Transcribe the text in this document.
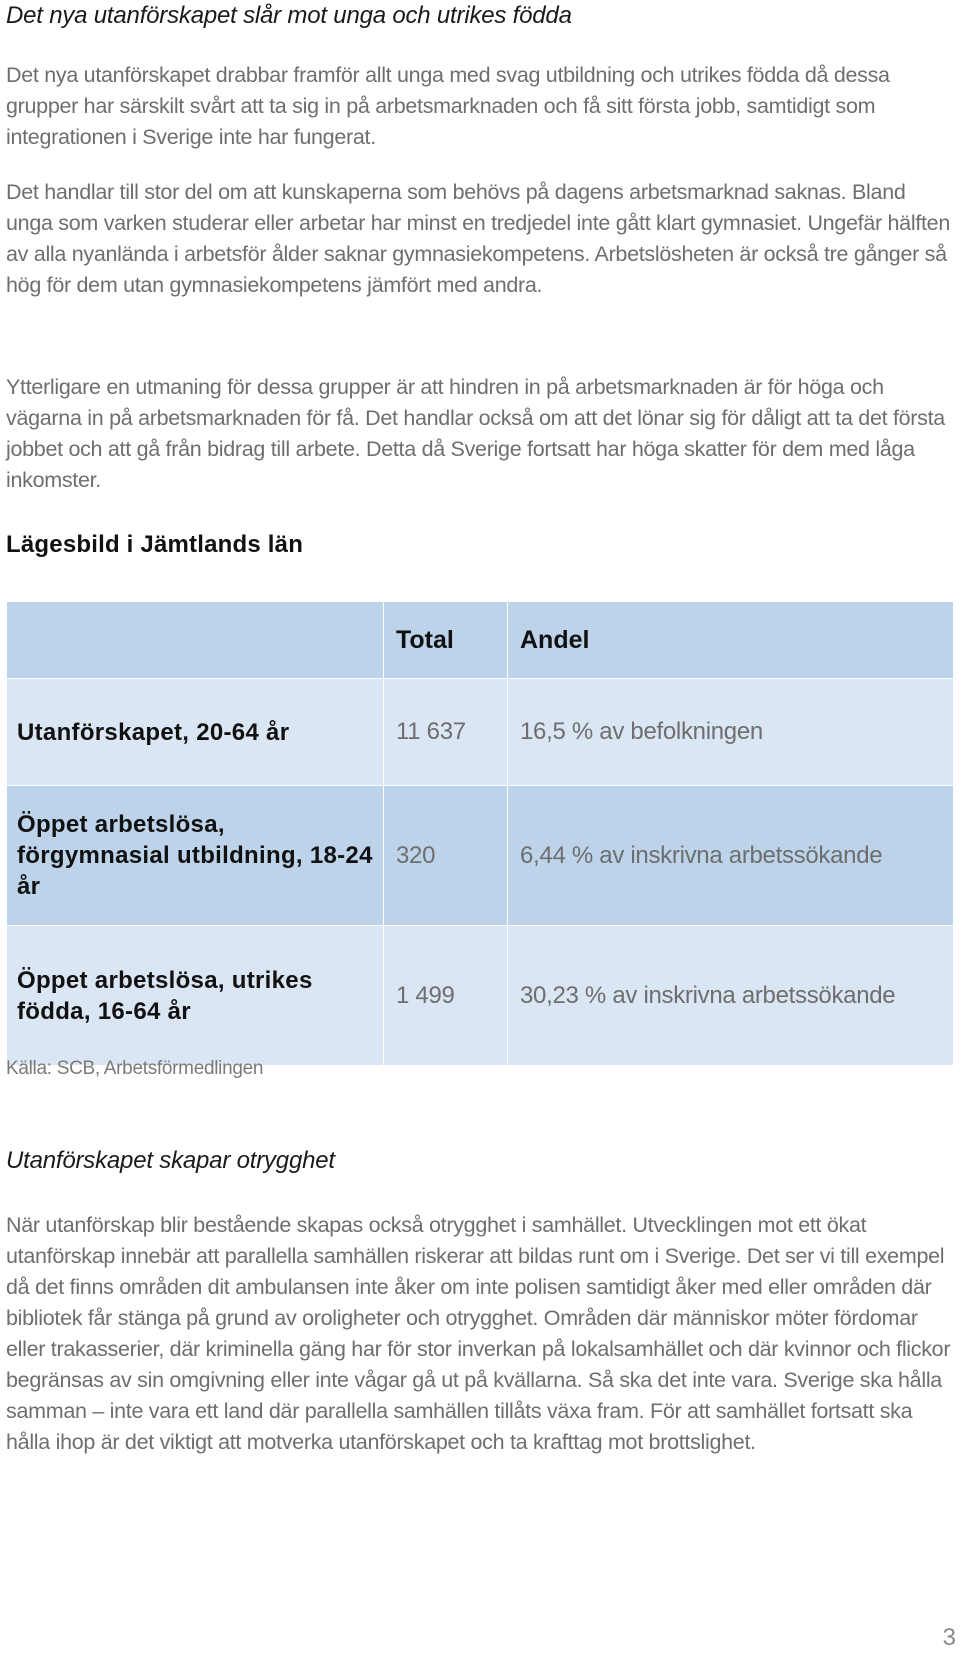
Det nya utanförskapet slår mot unga och utrikes födda

Det nya utanförskapet drabbar framför allt unga med svag utbildning och utrikes födda då dessa grupper har särskilt svårt att ta sig in på arbetsmarknaden och få sitt första jobb, samtidigt som integrationen i Sverige inte har fungerat.

Det handlar till stor del om att kunskaperna som behövs på dagens arbetsmarknad saknas. Bland unga som varken studerar eller arbetar har minst en tredjedel inte gått klart gymnasiet. Ungefär hälften av alla nyanlända i arbetsför ålder saknar gymnasiekompetens. Arbetslösheten är också tre gånger så hög för dem utan gymnasiekompetens jämfört med andra.

Ytterligare en utmaning för dessa grupper är att hindren in på arbetsmarknaden är för höga och vägarna in på arbetsmarknaden för få. Det handlar också om att det lönar sig för dåligt att ta det första jobbet och att gå från bidrag till arbete. Detta då Sverige fortsatt har höga skatter för dem med låga inkomster.

Lägesbild i Jämtlands län
	Total	Andel
Utanförskapet, 20-64 år	11 637	16,5 % av befolkningen
Öppet arbetslösa, förgymnasial utbildning, 18-24 år	320	6,44 % av inskrivna arbetssökande
Öppet arbetslösa, utrikes födda, 16-64 år	1 499	30,23 % av inskrivna arbetssökande
Källa: SCB, Arbetsförmedlingen
Utanförskapet skapar otrygghet

När utanförskap blir bestående skapas också otrygghet i samhället. Utvecklingen mot ett ökat utanförskap innebär att parallella samhällen riskerar att bildas runt om i Sverige. Det ser vi till exempel då det finns områden dit ambulansen inte åker om inte polisen samtidigt åker med eller områden där bibliotek får stänga på grund av oroligheter och otrygghet. Områden där människor möter fördomar eller trakasserier, där kriminella gäng har för stor inverkan på lokalsamhället och där kvinnor och flickor begränsas av sin omgivning eller inte vågar gå ut på kvällarna. Så ska det inte vara. Sverige ska hålla samman – inte vara ett land där parallella samhällen tillåts växa fram. För att samhället fortsatt ska hålla ihop är det viktigt att motverka utanförskapet och ta krafttag mot brottslighet.

3
